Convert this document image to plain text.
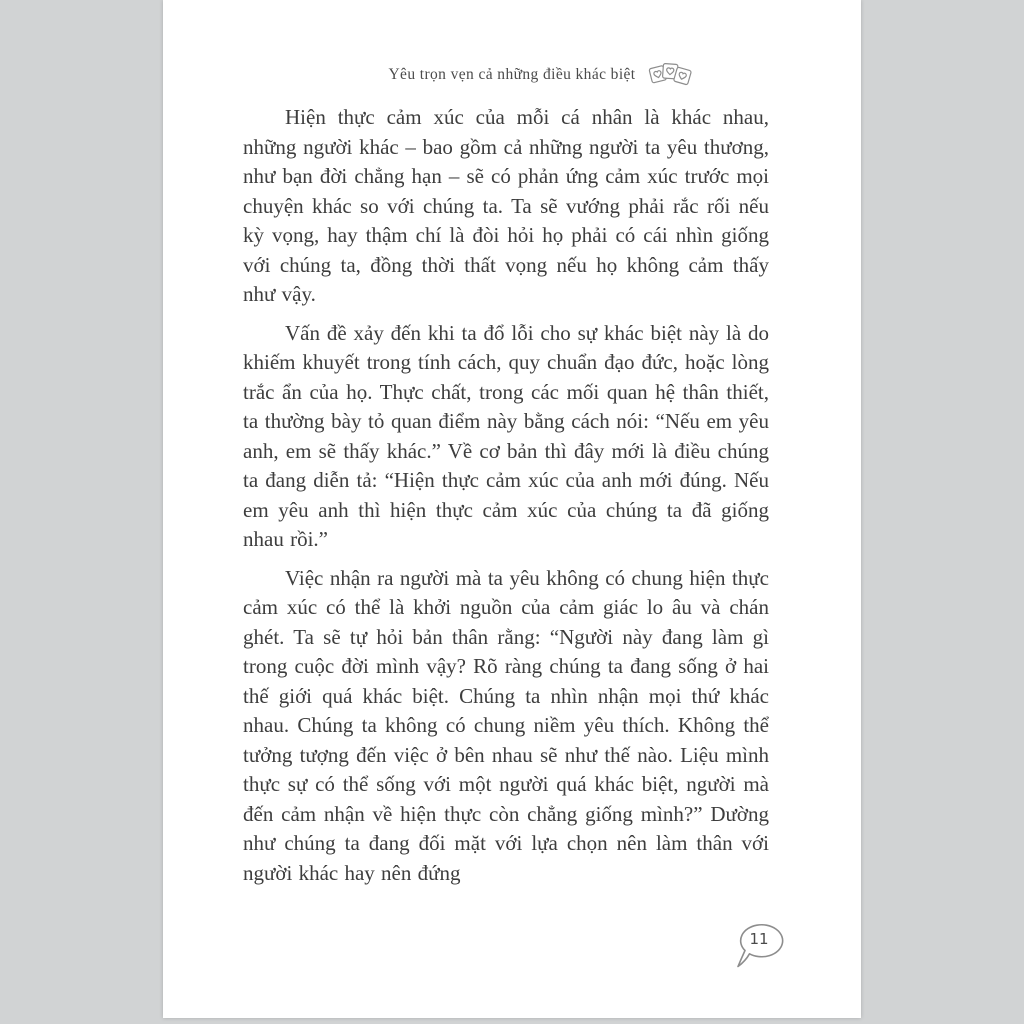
Yêu trọn vẹn cả những điều khác biệt

Hiện thực cảm xúc của mỗi cá nhân là khác nhau, những người khác – bao gồm cả những người ta yêu thương, như bạn đời chẳng hạn – sẽ có phản ứng cảm xúc trước mọi chuyện khác so với chúng ta. Ta sẽ vướng phải rắc rối nếu kỳ vọng, hay thậm chí là đòi hỏi họ phải có cái nhìn giống với chúng ta, đồng thời thất vọng nếu họ không cảm thấy như vậy.

Vấn đề xảy đến khi ta đổ lỗi cho sự khác biệt này là do khiếm khuyết trong tính cách, quy chuẩn đạo đức, hoặc lòng trắc ẩn của họ. Thực chất, trong các mối quan hệ thân thiết, ta thường bày tỏ quan điểm này bằng cách nói: “Nếu em yêu anh, em sẽ thấy khác.” Về cơ bản thì đây mới là điều chúng ta đang diễn tả: “Hiện thực cảm xúc của anh mới đúng. Nếu em yêu anh thì hiện thực cảm xúc của chúng ta đã giống nhau rồi.”

Việc nhận ra người mà ta yêu không có chung hiện thực cảm xúc có thể là khởi nguồn của cảm giác lo âu và chán ghét. Ta sẽ tự hỏi bản thân rằng: “Người này đang làm gì trong cuộc đời mình vậy? Rõ ràng chúng ta đang sống ở hai thế giới quá khác biệt. Chúng ta nhìn nhận mọi thứ khác nhau. Chúng ta không có chung niềm yêu thích. Không thể tưởng tượng đến việc ở bên nhau sẽ như thế nào. Liệu mình thực sự có thể sống với một người quá khác biệt, người mà đến cảm nhận về hiện thực còn chẳng giống mình?” Dường như chúng ta đang đối mặt với lựa chọn nên làm thân với người khác hay nên đứng

11
